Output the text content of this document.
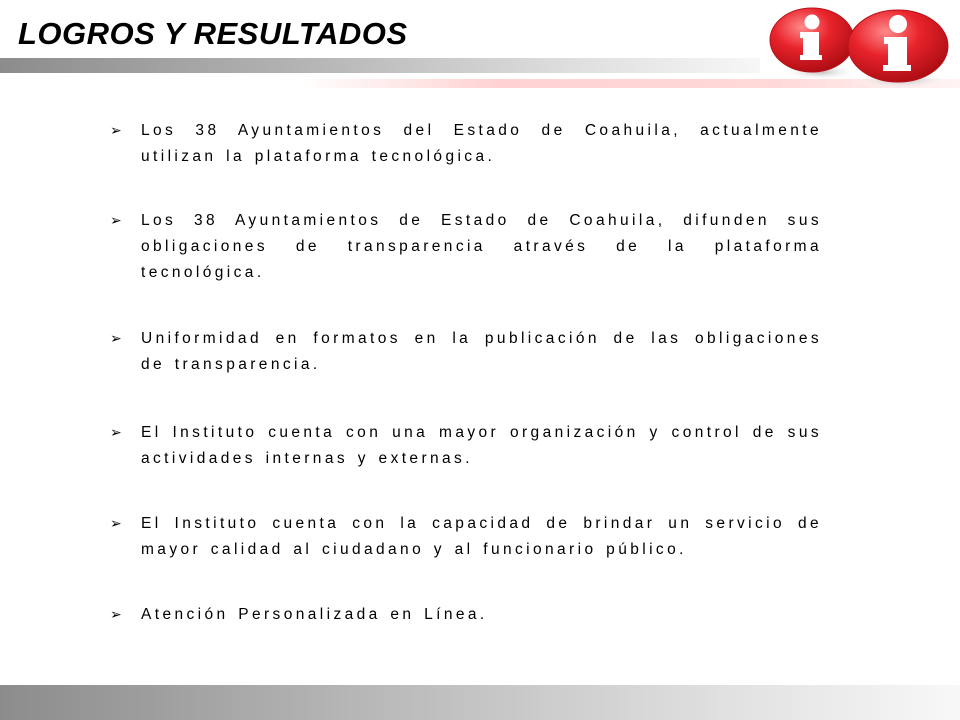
LOGROS Y RESULTADOS
➢	Los 38 Ayuntamientos del Estado de Coahuila, actualmente utilizan la plataforma tecnológica.
➢	Los 38 Ayuntamientos de Estado de Coahuila, difunden sus obligaciones de transparencia através de la plataforma tecnológica.
➢	Uniformidad en formatos en la publicación de las obligaciones de transparencia.
➢	El Instituto cuenta con una mayor organización y control de sus actividades internas y externas.
➢	El Instituto cuenta con la capacidad de brindar un servicio de mayor calidad al ciudadano y al funcionario público.
➢	Atención Personalizada en Línea.
